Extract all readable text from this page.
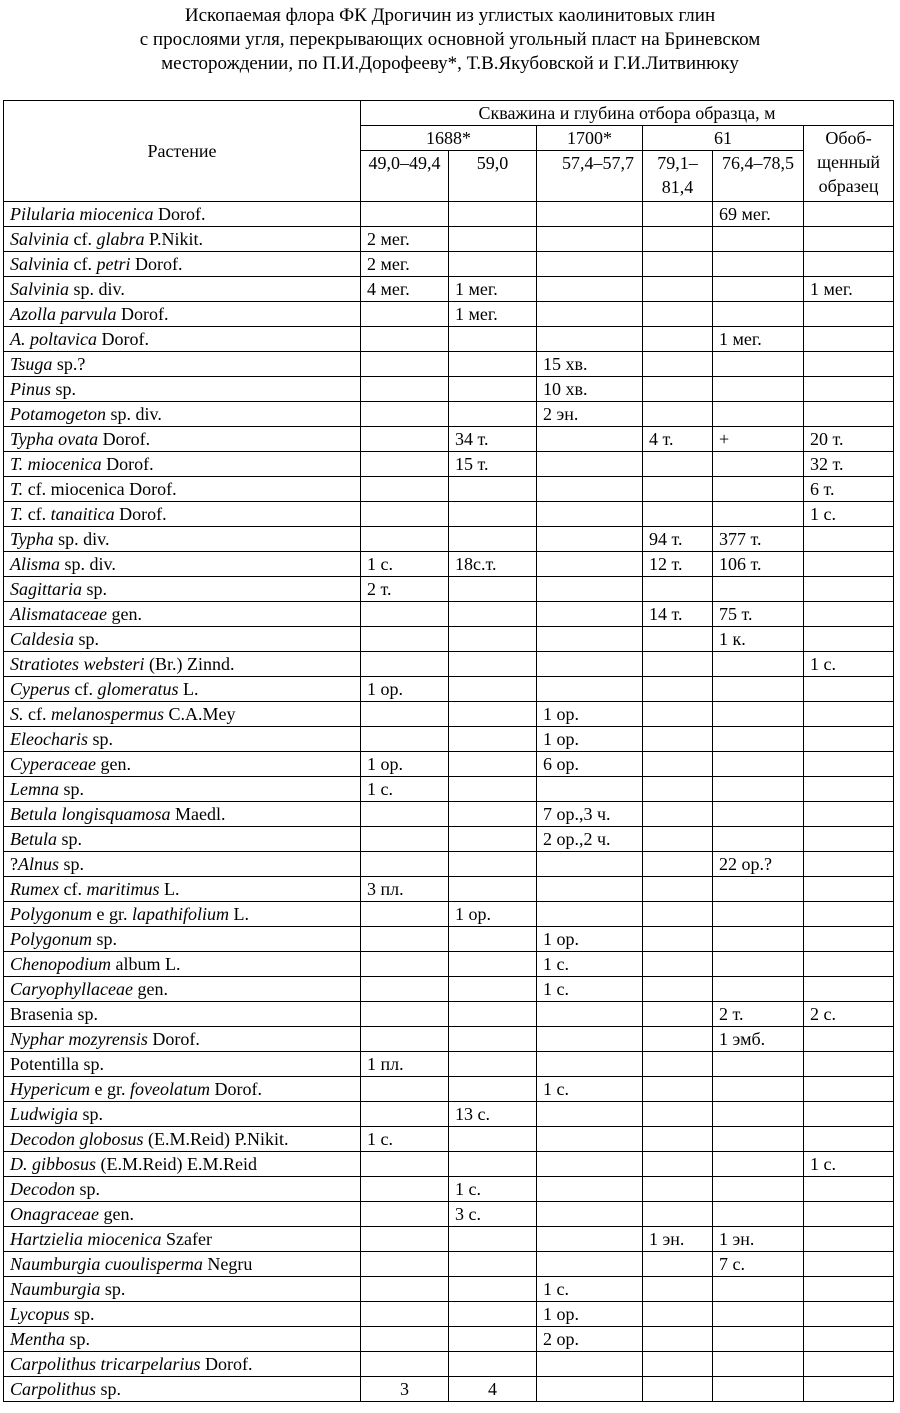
Ископаемая флора ФК Дрогичин из углистых каолинитовых глин
с прослоями угля, перекрывающих основной угольный пласт на Бриневском
месторождении, по П.И.Дорофееву*, Т.В.Якубовской и Г.И.Литвинюку
Растение	Скважина и глубина отбора образца, м					
	1688*		1700*	61		Обоб-щенный образец
	49,0–49,4	59,0	57,4–57,7	79,1–81,4	76,4–78,5	
Pilularia miocenica Dorof.					69 мег.	
Salvinia cf. glabra P.Nikit.	2 мег.					
Salvinia cf. petri Dorof.	2 мег.					
Salvinia sp. div.	4 мег.	1 мег.				1 мег.
Azolla parvula Dorof.		1 мег.				
A. poltavica Dorof.					1 мег.	
Tsuga sp.?			15 хв.			
Pinus sp.			10 хв.			
Potamogeton sp. div.			2 эн.			
Typha ovata Dorof.		34 т.		4 т.	+	20 т.
T. miocenica Dorof.		15 т.				32 т.
T. cf. miocenica Dorof.						6 т.
T. cf. tanaitica Dorof.						1 с.
Typha sp. div.				94 т.	377 т.	
Alisma sp. div.	1 с.	18с.т.		12 т.	106 т.	
Sagittaria sp.	2 т.					
Alismataceae gen.				14 т.	75 т.	
Caldesia sp.					1 к.	
Stratiotes websteri (Br.) Zinnd.						1 с.
Cyperus cf. glomeratus L.	1 ор.					
S. cf. melanospermus C.A.Mey			1 ор.			
Eleocharis sp.			1 ор.			
Cyperaceae gen.	1 ор.		6 ор.			
Lemna sp.	1 с.					
Betula longisquamosa Maedl.			7 ор.,3 ч.			
Betula sp.			2 ор.,2 ч.			
?Alnus sp.					22 ор.?	
Rumex cf. maritimus L.	3 пл.					
Polygonum e gr. lapathifolium L.		1 ор.				
Polygonum sp.			1 ор.			
Chenopodium album L.			1 с.			
Caryophyllaceae gen.			1 с.			
Brasenia sp.					2 т.	2 с.
Nyphar mozyrensis Dorof.					1 эмб.	
Potentilla sp.	1 пл.					
Hypericum e gr. foveolatum Dorof.			1 с.			
Ludwigia sp.		13 с.				
Decodon globosus (E.M.Reid) P.Nikit.	1 с.					
D. gibbosus (E.M.Reid) E.M.Reid						1 с.
Decodon sp.		1 с.				
Onagraceae gen.		3 с.				
Hartzielia miocenica Szafer				1 эн.	1 эн.	
Naumburgia cuoulisperma Negru					7 с.	
Naumburgia sp.			1 с.			
Lycopus sp.			1 ор.			
Mentha sp.			2 ор.			
Carpolithus tricarpelarius Dorof.						
Carpolithus sp.	3	4				
